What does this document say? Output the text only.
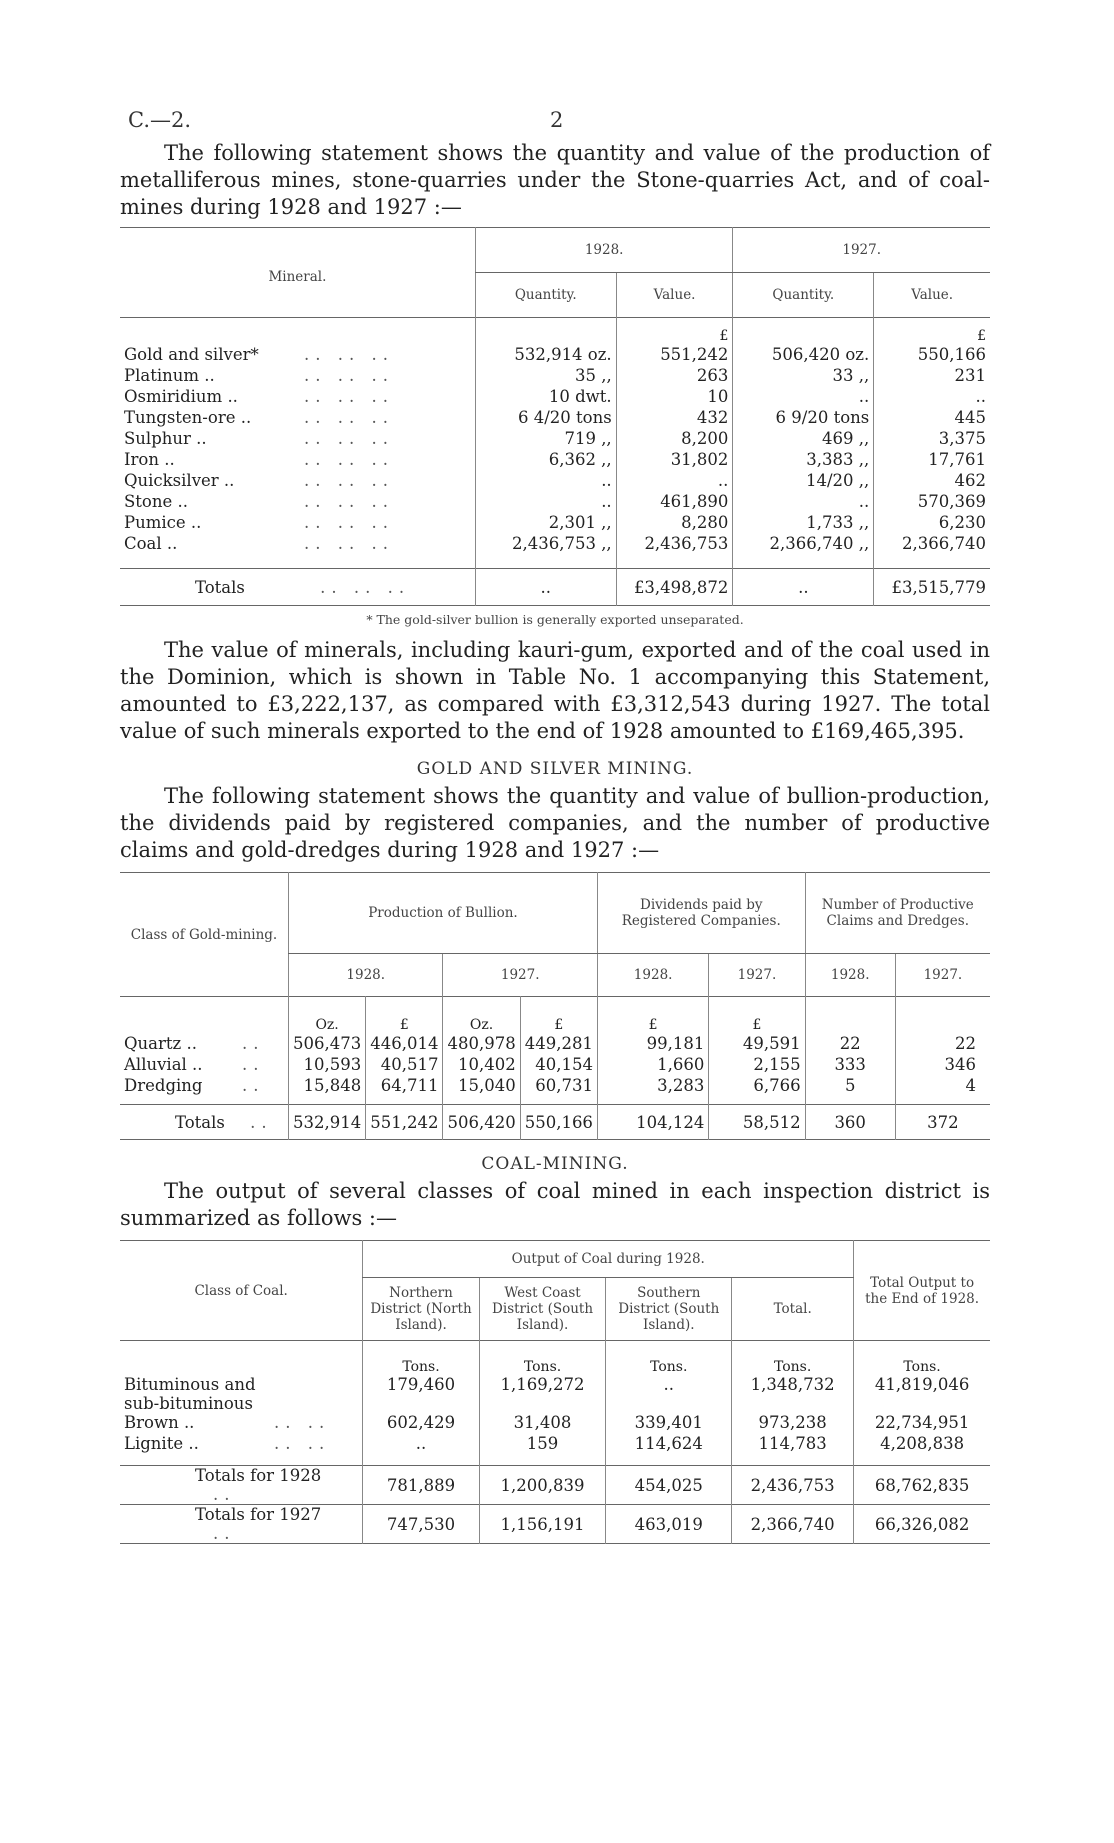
C.—2.	2

The following statement shows the quantity and value of the production of metalliferous mines, stone-quarries under the Stone-quarries Act, and of coal-mines during 1928 and 1927 :—

Mineral.	1928.		1927.	
	Quantity.	Value.	Quantity.	Value.
		£		£
Gold and silver* .. .. ..	532,914 oz.	551,242	506,420 oz.	550,166
Platinum .. .. .. ..	35 ,,	263	33 ,,	231
Osmiridium .. .. .. ..	10 dwt.	10	..	..
Tungsten-ore .. .. .. ..	6 4/20 tons	432	6 9/20 tons	445
Sulphur .. .. .. ..	719 ,,	8,200	469 ,,	3,375
Iron .. .. .. ..	6,362 ,,	31,802	3,383 ,,	17,761
Quicksilver .. .. .. ..	..	..	14/20 ,,	462
Stone .. .. .. ..	..	461,890	..	570,369
Pumice .. .. .. ..	2,301 ,,	8,280	1,733 ,,	6,230
Coal .. .. .. ..	2,436,753 ,,	2,436,753	2,366,740 ,,	2,366,740

Totals .. .. ..	..	£3,498,872	..	£3,515,779
* The gold-silver bullion is generally exported unseparated.

The value of minerals, including kauri-gum, exported and of the coal used in the Dominion, which is shown in Table No. 1 accompanying this Statement, amounted to £3,222,137, as compared with £3,312,543 during 1927. The total value of such minerals exported to the end of 1928 amounted to £169,465,395.

GOLD AND SILVER MINING.

The following statement shows the quantity and value of bullion-production, the dividends paid by registered companies, and the number of productive claims and gold-dredges during 1928 and 1927 :—

Class of Gold-mining.	Production of Bullion.				Dividends paid by Registered Companies.		Number of Productive Claims and Dredges.	
	1928.		1927.		1928.	1927.	1928.	1927.

	Oz.	£	Oz.	£	£	£		
Quartz .. ..	506,473	446,014	480,978	449,281	99,181	49,591	22	22
Alluvial .. ..	10,593	40,517	10,402	40,154	1,660	2,155	333	346
Dredging ..	15,848	64,711	15,040	60,731	3,283	6,766	5	4

Totals ..	532,914	551,242	506,420	550,166	104,124	58,512	360	372
COAL-MINING.

The output of several classes of coal mined in each inspection district is summarized as follows :—

Class of Coal.	Output of Coal during 1928.				Total Output to the End of 1928.
	Northern District (North Island).	West Coast District (South Island).	Southern District (South Island).	Total.	
	Tons.	Tons.	Tons.	Tons.	Tons.
Bituminous and sub-bituminous	179,460	1,169,272	..	1,348,732	41,819,046
Brown .. .. ..	602,429	31,408	339,401	973,238	22,734,951
Lignite .. .. ..	..	159	114,624	114,783	4,208,838

Totals for 1928 ..	781,889	1,200,839	454,025	2,436,753	68,762,835
Totals for 1927 ..	747,530	1,156,191	463,019	2,366,740	66,326,082
